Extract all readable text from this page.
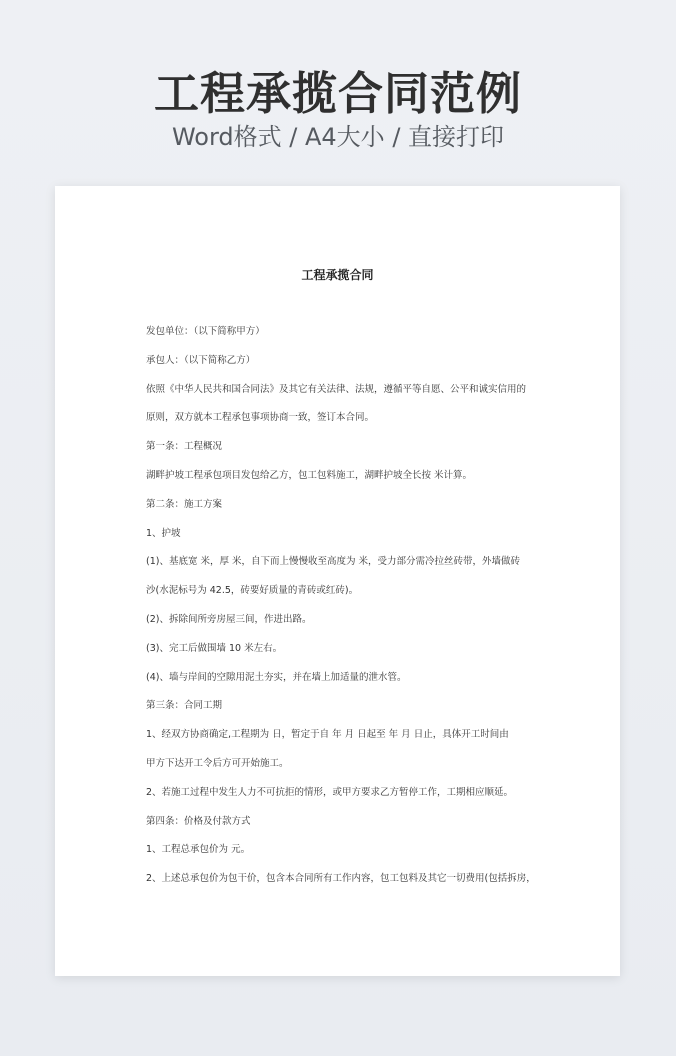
工程承揽合同范例
Word格式 / A4大小 / 直接打印
工程承揽合同
发包单位：（以下简称甲方）
承包人：（以下简称乙方）
依照《中华人民共和国合同法》及其它有关法律、法规，遵循平等自愿、公平和诚实信用的
原则，双方就本工程承包事项协商一致，签订本合同。
第一条：工程概况
湖畔护坡工程承包项目发包给乙方，包工包料施工，湖畔护坡全长按 米计算。
第二条：施工方案
1、护坡
(1)、基底宽 米，厚 米，自下而上慢慢收至高度为 米，受力部分需冷拉丝砖带，外墙做砖
沙(水泥标号为 42.5，砖要好质量的青砖或红砖)。
(2)、拆除间所旁房屋三间，作进出路。
(3)、完工后做围墙 10 米左右。
(4)、墙与岸间的空隙用泥土夯实，并在墙上加适量的泄水管。
第三条：合同工期
1、经双方协商确定,工程期为 日，暂定于自 年 月 日起至 年 月 日止，具体开工时间由
甲方下达开工令后方可开始施工。
2、若施工过程中发生人力不可抗拒的情形，或甲方要求乙方暂停工作，工期相应顺延。
第四条：价格及付款方式
1、工程总承包价为 元。
2、上述总承包价为包干价，包含本合同所有工作内容，包工包料及其它一切费用(包括拆房，
